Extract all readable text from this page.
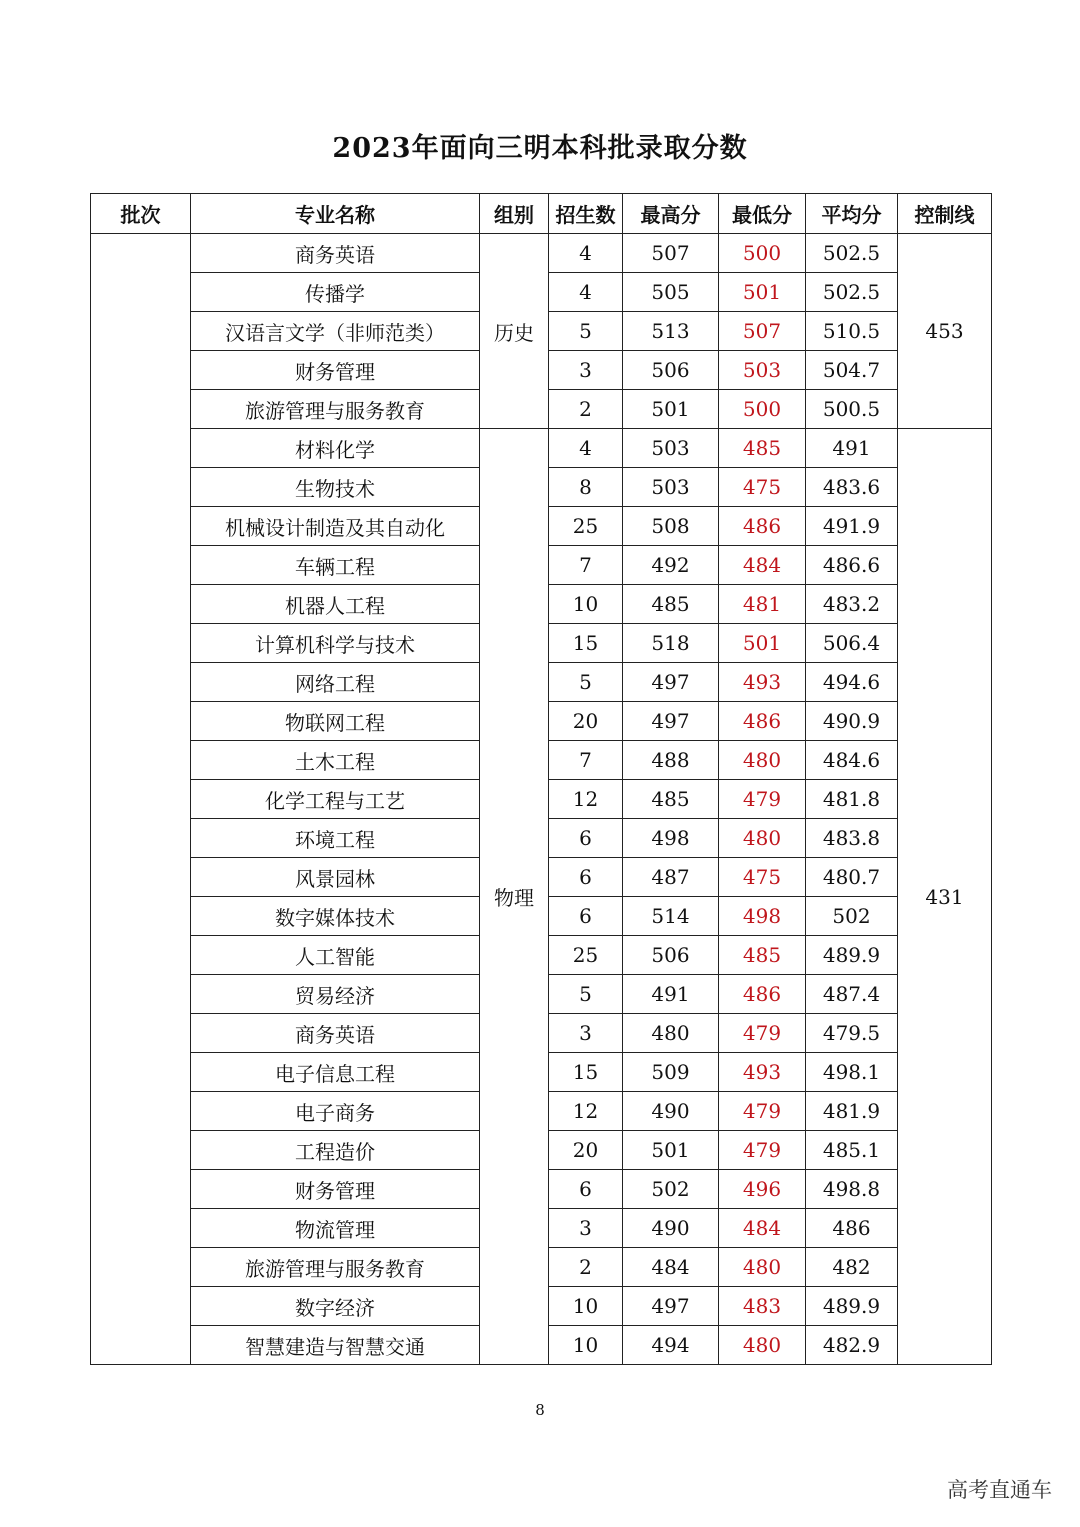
2023年面向三明本科批录取分数
批次	专业名称	组别	招生数	最高分	最低分	平均分	控制线
	商务英语	历史	4	507	500	502.5	453
	传播学		4	505	501	502.5	
	汉语言文学（非师范类）		5	513	507	510.5	
	财务管理		3	506	503	504.7	
	旅游管理与服务教育		2	501	500	500.5	
	材料化学	物理	4	503	485	491	431
	生物技术		8	503	475	483.6	
	机械设计制造及其自动化		25	508	486	491.9	
	车辆工程		7	492	484	486.6	
	机器人工程		10	485	481	483.2	
	计算机科学与技术		15	518	501	506.4	
	网络工程		5	497	493	494.6	
	物联网工程		20	497	486	490.9	
	土木工程		7	488	480	484.6	
	化学工程与工艺		12	485	479	481.8	
	环境工程		6	498	480	483.8	
	风景园林		6	487	475	480.7	
	数字媒体技术		6	514	498	502	
	人工智能		25	506	485	489.9	
	贸易经济		5	491	486	487.4	
	商务英语		3	480	479	479.5	
	电子信息工程		15	509	493	498.1	
	电子商务		12	490	479	481.9	
	工程造价		20	501	479	485.1	
	财务管理		6	502	496	498.8	
	物流管理		3	490	484	486	
	旅游管理与服务教育		2	484	480	482	
	数字经济		10	497	483	489.9	
	智慧建造与智慧交通		10	494	480	482.9	
8
高考直通车
